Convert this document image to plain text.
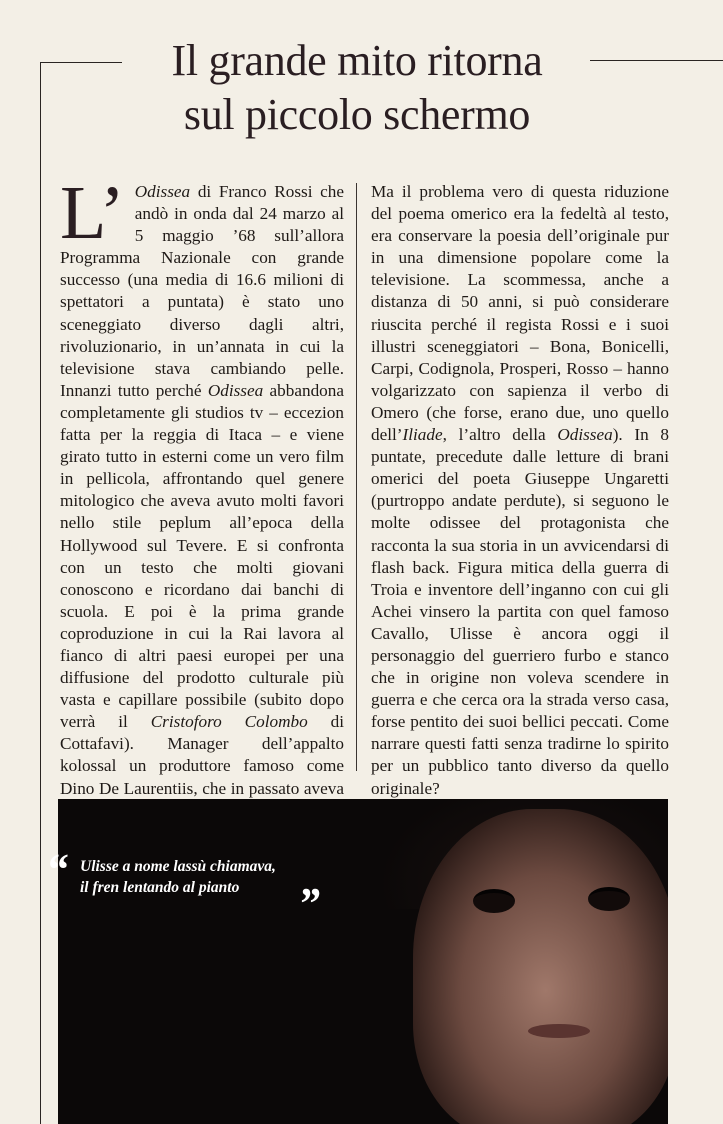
Il grande mito ritorna
sul piccolo schermo
L’ Odissea di Franco Rossi che andò in onda dal 24 marzo al 5 maggio ’68 sull’allora Programma Nazionale con grande successo (una media di 16.6 milioni di spettatori a puntata) è stato uno sceneggiato diverso dagli altri, rivoluzionario, in un’annata in cui la televisione stava cambiando pelle. Innanzi tutto perché Odissea abbandona completamente gli studios tv – eccezion fatta per la reggia di Itaca – e viene girato tutto in esterni come un vero film in pellicola, affrontando quel genere mitologico che aveva avuto molti favori nello stile peplum all’epoca della Hollywood sul Tevere. E si confronta con un testo che molti giovani conoscono e ricordano dai banchi di scuola. E poi è la prima grande coproduzione in cui la Rai lavora al fianco di altri paesi europei per una diffusione del prodotto culturale più vasta e capillare possibile (subito dopo verrà il Cristoforo Colombo di Cottafavi). Manager dell’appalto kolossal un produttore famoso come Dino De Laurentiis, che in passato aveva
Ma il problema vero di questa riduzione del poema omerico era la fedeltà al testo, era conservare la poesia dell’originale pur in una dimensione popolare come la televisione. La scommessa, anche a distanza di 50 anni, si può considerare riuscita perché il regista Rossi e i suoi illustri sceneggiatori – Bona, Bonicelli, Carpi, Codignola, Prosperi, Rosso – hanno volgarizzato con sapienza il verbo di Omero (che forse, erano due, uno quello dell’Iliade, l’altro della Odissea). In 8 puntate, precedute dalle letture di brani omerici del poeta Giuseppe Ungaretti (purtroppo andate perdute), si seguono le molte odissee del protagonista che racconta la sua storia in un avvicendarsi di flash back. Figura mitica della guerra di Troia e inventore dell’inganno con cui gli Achei vinsero la partita con quel famoso Cavallo, Ulisse è ancora oggi il personaggio del guerriero furbo e stanco che in origine non voleva scendere in guerra e che cerca ora la strada verso casa, forse pentito dei suoi bellici peccati. Come narrare questi fatti senza tradirne lo spirito per un pubblico tanto diverso da quello originale?
“ Ulisse a nome lassù chiamava,
il fren lentando al pianto	”
